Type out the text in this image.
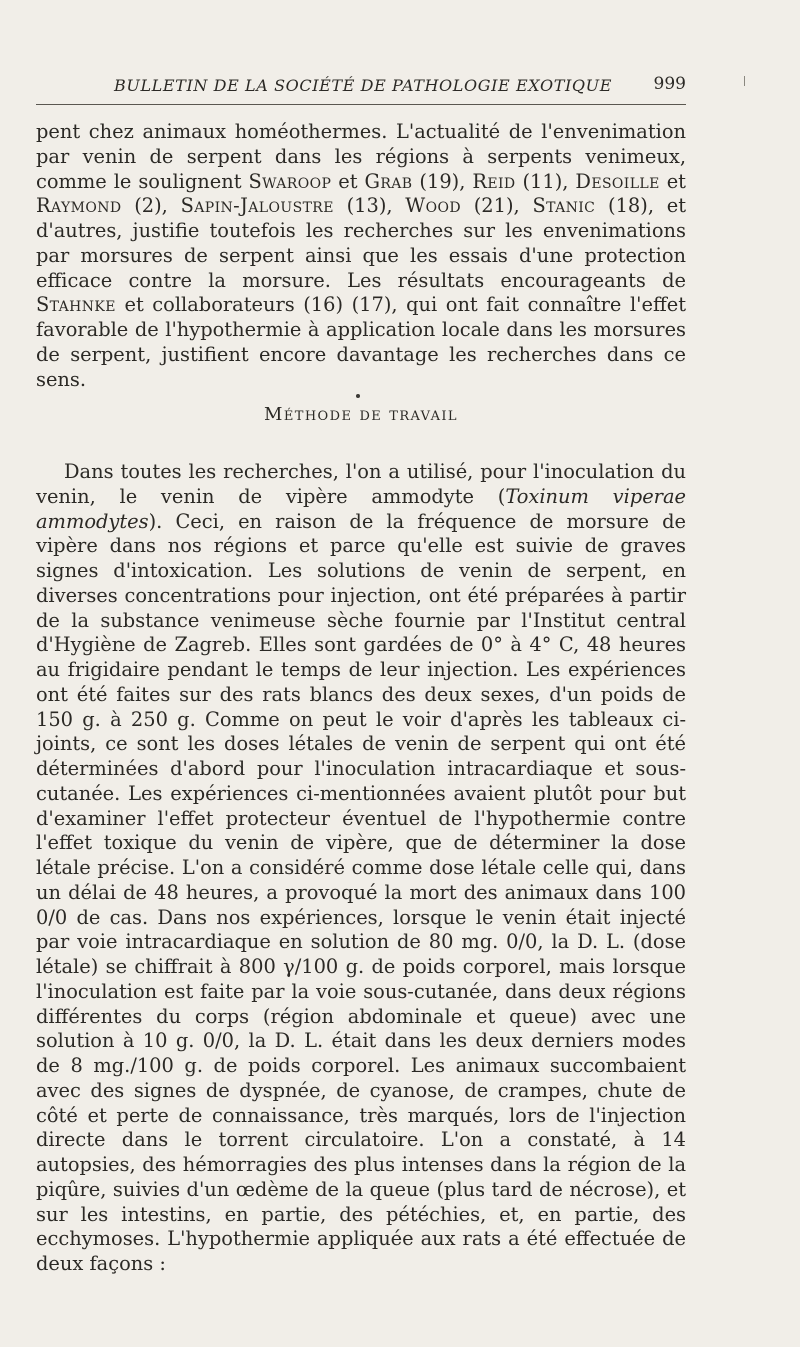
BULLETIN DE LA SOCIÉTÉ DE PATHOLOGIE EXOTIQUE 999

pent chez animaux homéothermes. L'actualité de l'envenimation par venin de serpent dans les régions à serpents venimeux, comme le soulignent Swaroop et Grab (19), Reid (11), Desoille et Raymond (2), Sapin-Jaloustre (13), Wood (21), Stanic (18), et d'autres, justifie toutefois les recherches sur les envenimations par morsures de serpent ainsi que les essais d'une protection efficace contre la morsure. Les résultats encourageants de Stahnke et collaborateurs (16) (17), qui ont fait connaître l'effet favorable de l'hypothermie à application locale dans les morsures de serpent, justifient encore davantage les recherches dans ce sens.

Méthode de travail

Dans toutes les recherches, l'on a utilisé, pour l'inoculation du venin, le venin de vipère ammodyte (Toxinum viperae ammodytes). Ceci, en raison de la fréquence de morsure de vipère dans nos régions et parce qu'elle est suivie de graves signes d'intoxication. Les solutions de venin de serpent, en diverses concentrations pour injection, ont été préparées à partir de la substance venimeuse sèche fournie par l'Institut central d'Hygiène de Zagreb. Elles sont gardées de 0° à 4° C, 48 heures au frigidaire pendant le temps de leur injection. Les expériences ont été faites sur des rats blancs des deux sexes, d'un poids de 150 g. à 250 g. Comme on peut le voir d'après les tableaux ci-joints, ce sont les doses létales de venin de serpent qui ont été déterminées d'abord pour l'inoculation intracardiaque et sous-cutanée. Les expériences ci-mentionnées avaient plutôt pour but d'examiner l'effet protecteur éventuel de l'hypothermie contre l'effet toxique du venin de vipère, que de déterminer la dose létale précise. L'on a considéré comme dose létale celle qui, dans un délai de 48 heures, a provoqué la mort des animaux dans 100 0/0 de cas. Dans nos expériences, lorsque le venin était injecté par voie intracardiaque en solution de 80 mg. 0/0, la D. L. (dose létale) se chiffrait à 800 γ/100 g. de poids corporel, mais lorsque l'inoculation est faite par la voie sous-cutanée, dans deux régions différentes du corps (région abdominale et queue) avec une solution à 10 g. 0/0, la D. L. était dans les deux derniers modes de 8 mg./100 g. de poids corporel. Les animaux succombaient avec des signes de dyspnée, de cyanose, de crampes, chute de côté et perte de connaissance, très marqués, lors de l'injection directe dans le torrent circulatoire. L'on a constaté, à 14 autopsies, des hémorragies des plus intenses dans la région de la piqûre, suivies d'un œdème de la queue (plus tard de nécrose), et sur les intestins, en partie, des pétéchies, et, en partie, des ecchymoses. L'hypothermie appliquée aux rats a été effectuée de deux façons :
